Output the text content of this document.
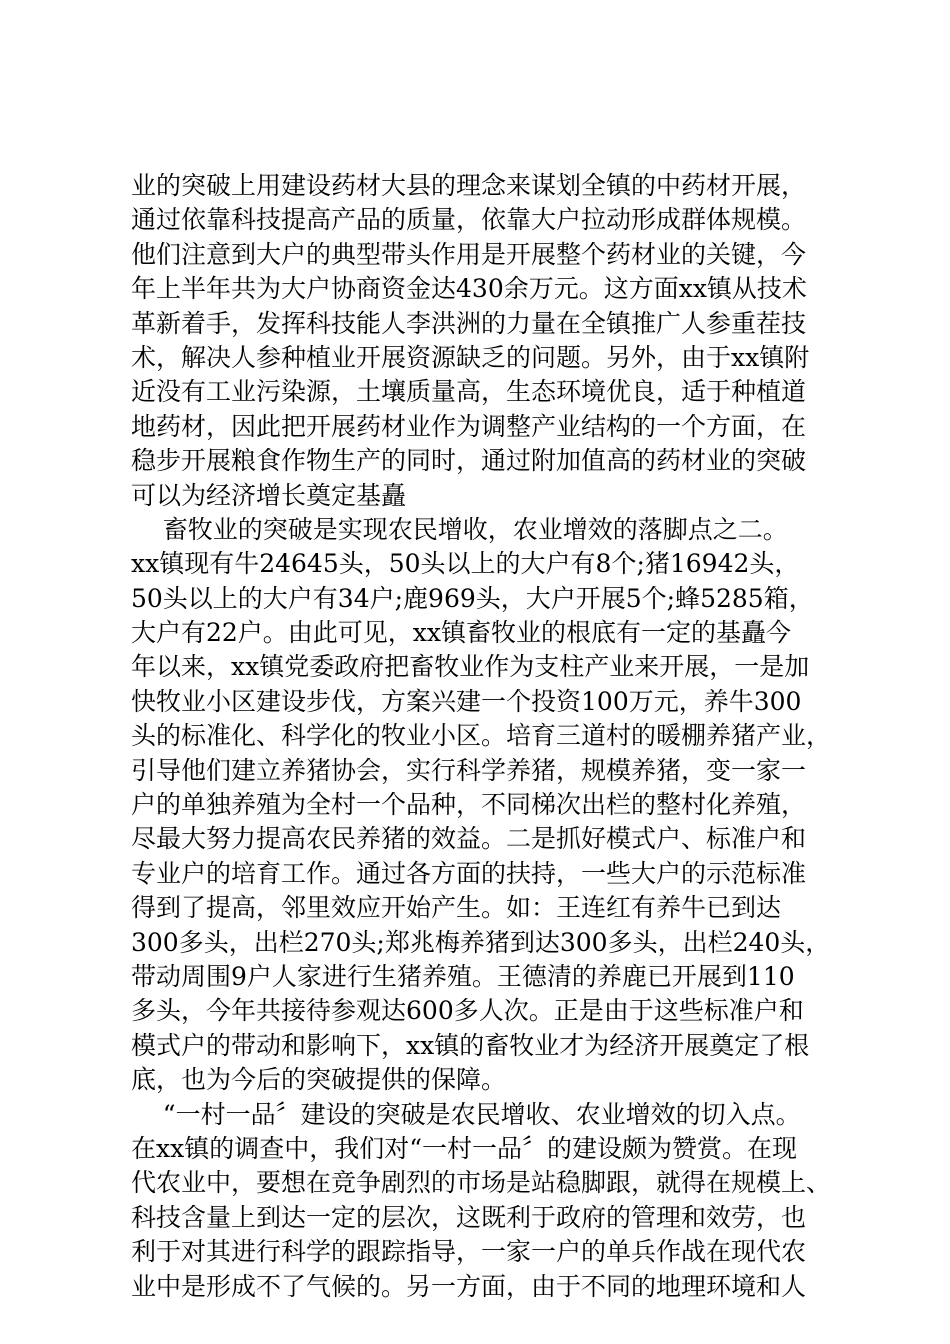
业的突破上用建设药材大县的理念来谋划全镇的中药材开展，
通过依靠科技提高产品的质量，依靠大户拉动形成群体规模。
他们注意到大户的典型带头作用是开展整个药材业的关键，今
年上半年共为大户协商资金达430余万元。这方面xx镇从技术
革新着手，发挥科技能人李洪洲的力量在全镇推广人参重茬技
术，解决人参种植业开展资源缺乏的问题。另外，由于xx镇附
近没有工业污染源，土壤质量高，生态环境优良，适于种植道
地药材，因此把开展药材业作为调整产业结构的一个方面，在
稳步开展粮食作物生产的同时，通过附加值高的药材业的突破
可以为经济增长奠定基矗
畜牧业的突破是实现农民增收，农业增效的落脚点之二。
xx镇现有牛24645头，50头以上的大户有8个;猪16942头，
50头以上的大户有34户;鹿969头，大户开展5个;蜂5285箱，
大户有22户。由此可见，xx镇畜牧业的根底有一定的基矗今
年以来，xx镇党委政府把畜牧业作为支柱产业来开展，一是加
快牧业小区建设步伐，方案兴建一个投资100万元，养牛300
头的标准化、科学化的牧业小区。培育三道村的暖棚养猪产业，
引导他们建立养猪协会，实行科学养猪，规模养猪，变一家一
户的单独养殖为全村一个品种，不同梯次出栏的整村化养殖，
尽最大努力提高农民养猪的效益。二是抓好模式户、标准户和
专业户的培育工作。通过各方面的扶持，一些大户的示范标准
得到了提高，邻里效应开始产生。如：王连红有养牛已到达
300多头，出栏270头;郑兆梅养猪到达300多头，出栏240头，
带动周围9户人家进行生猪养殖。王德清的养鹿已开展到110
多头，今年共接待参观达600多人次。正是由于这些标准户和
模式户的带动和影响下，xx镇的畜牧业才为经济开展奠定了根
底，也为今后的突破提供的保障。
“一村一品〞建设的突破是农民增收、农业增效的切入点。
在xx镇的调查中，我们对“一村一品〞的建设颇为赞赏。在现
代农业中，要想在竞争剧烈的市场是站稳脚跟，就得在规模上、
科技含量上到达一定的层次，这既利于政府的管理和效劳，也
利于对其进行科学的跟踪指导，一家一户的单兵作战在现代农
业中是形成不了气候的。另一方面，由于不同的地理环境和人
